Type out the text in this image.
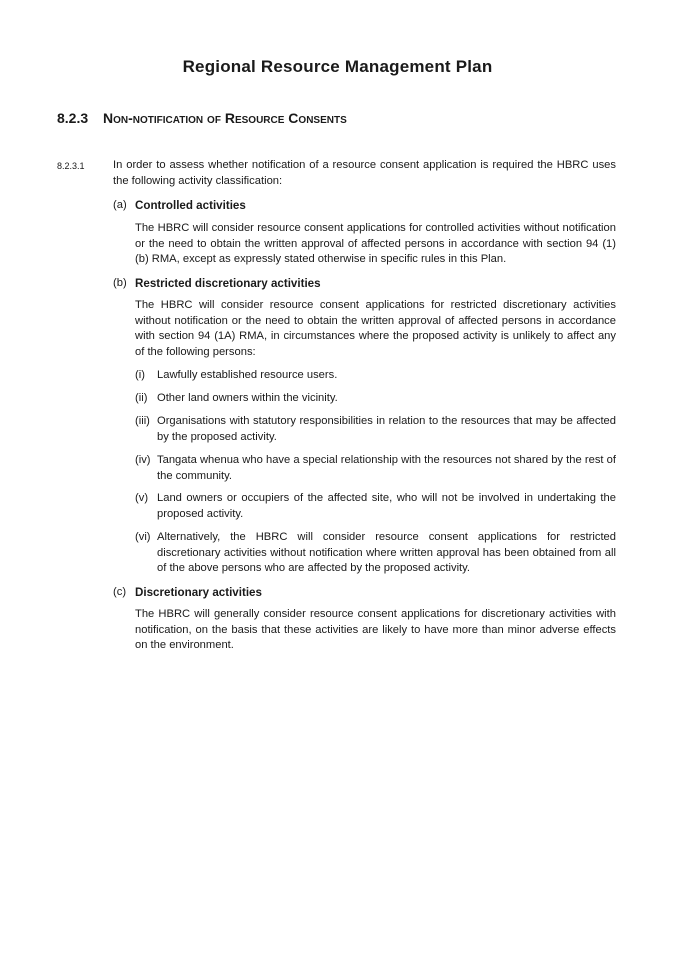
Regional Resource Management Plan
8.2.3 Non-notification of Resource Consents
8.2.3.1	In order to assess whether notification of a resource consent application is required the HBRC uses the following activity classification:
(a) Controlled activities
The HBRC will consider resource consent applications for controlled activities without notification or the need to obtain the written approval of affected persons in accordance with section 94 (1) (b) RMA, except as expressly stated otherwise in specific rules in this Plan.
(b) Restricted discretionary activities
The HBRC will consider resource consent applications for restricted discretionary activities without notification or the need to obtain the written approval of affected persons in accordance with section 94 (1A) RMA, in circumstances where the proposed activity is unlikely to affect any of the following persons:
(i) Lawfully established resource users.
(ii) Other land owners within the vicinity.
(iii) Organisations with statutory responsibilities in relation to the resources that may be affected by the proposed activity.
(iv) Tangata whenua who have a special relationship with the resources not shared by the rest of the community.
(v) Land owners or occupiers of the affected site, who will not be involved in undertaking the proposed activity.
(vi) Alternatively, the HBRC will consider resource consent applications for restricted discretionary activities without notification where written approval has been obtained from all of the above persons who are affected by the proposed activity.
(c) Discretionary activities
The HBRC will generally consider resource consent applications for discretionary activities with notification, on the basis that these activities are likely to have more than minor adverse effects on the environment.
